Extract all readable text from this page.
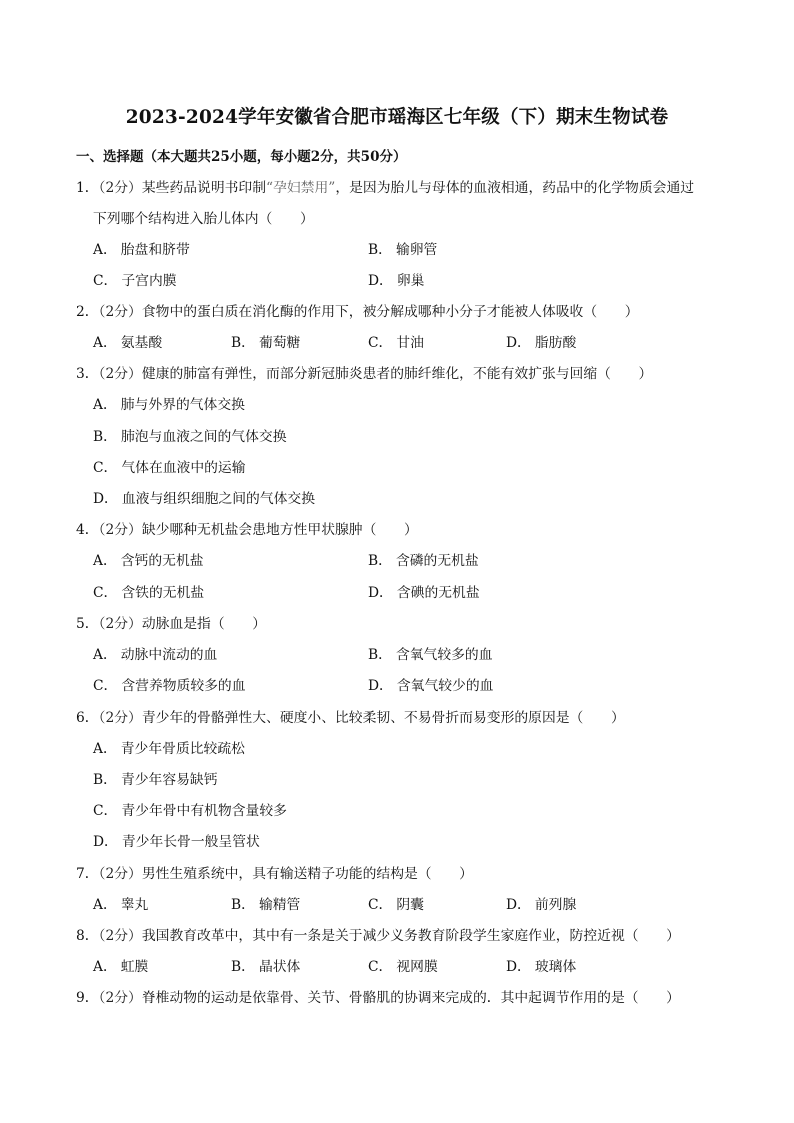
2023-2024学年安徽省合肥市瑶海区七年级（下）期末生物试卷
一、选择题（本大题共25小题，每小题2分，共50分）
1．（2分）某些药品说明书印制“孕妇禁用”，是因为胎儿与母体的血液相通，药品中的化学物质会通过
下列哪个结构进入胎儿体内（　　）
A． 胎盘和脐带	B． 输卵管
C． 子宫内膜	D． 卵巢
2．（2分）食物中的蛋白质在消化酶的作用下，被分解成哪种小分子才能被人体吸收（　　）
A． 氨基酸	B． 葡萄糖	C． 甘油	D． 脂肪酸
3．（2分）健康的肺富有弹性，而部分新冠肺炎患者的肺纤维化，不能有效扩张与回缩（　　）
A． 肺与外界的气体交换
B． 肺泡与血液之间的气体交换
C． 气体在血液中的运输
D． 血液与组织细胞之间的气体交换
4．（2分）缺少哪种无机盐会患地方性甲状腺肿（　　）
A． 含钙的无机盐	B． 含磷的无机盐
C． 含铁的无机盐	D． 含碘的无机盐
5．（2分）动脉血是指（　　）
A． 动脉中流动的血	B． 含氧气较多的血
C． 含营养物质较多的血	D． 含氧气较少的血
6．（2分）青少年的骨骼弹性大、硬度小、比较柔韧、不易骨折而易变形的原因是（　　）
A． 青少年骨质比较疏松
B． 青少年容易缺钙
C． 青少年骨中有机物含量较多
D． 青少年长骨一般呈管状
7．（2分）男性生殖系统中，具有输送精子功能的结构是（　　）
A． 睾丸	B． 输精管	C． 阴囊	D． 前列腺
8．（2分）我国教育改革中，其中有一条是关于减少义务教育阶段学生家庭作业，防控近视（　　）
A． 虹膜	B． 晶状体	C． 视网膜	D． 玻璃体
9．（2分）脊椎动物的运动是依靠骨、关节、骨骼肌的协调来完成的．其中起调节作用的是（　　）
